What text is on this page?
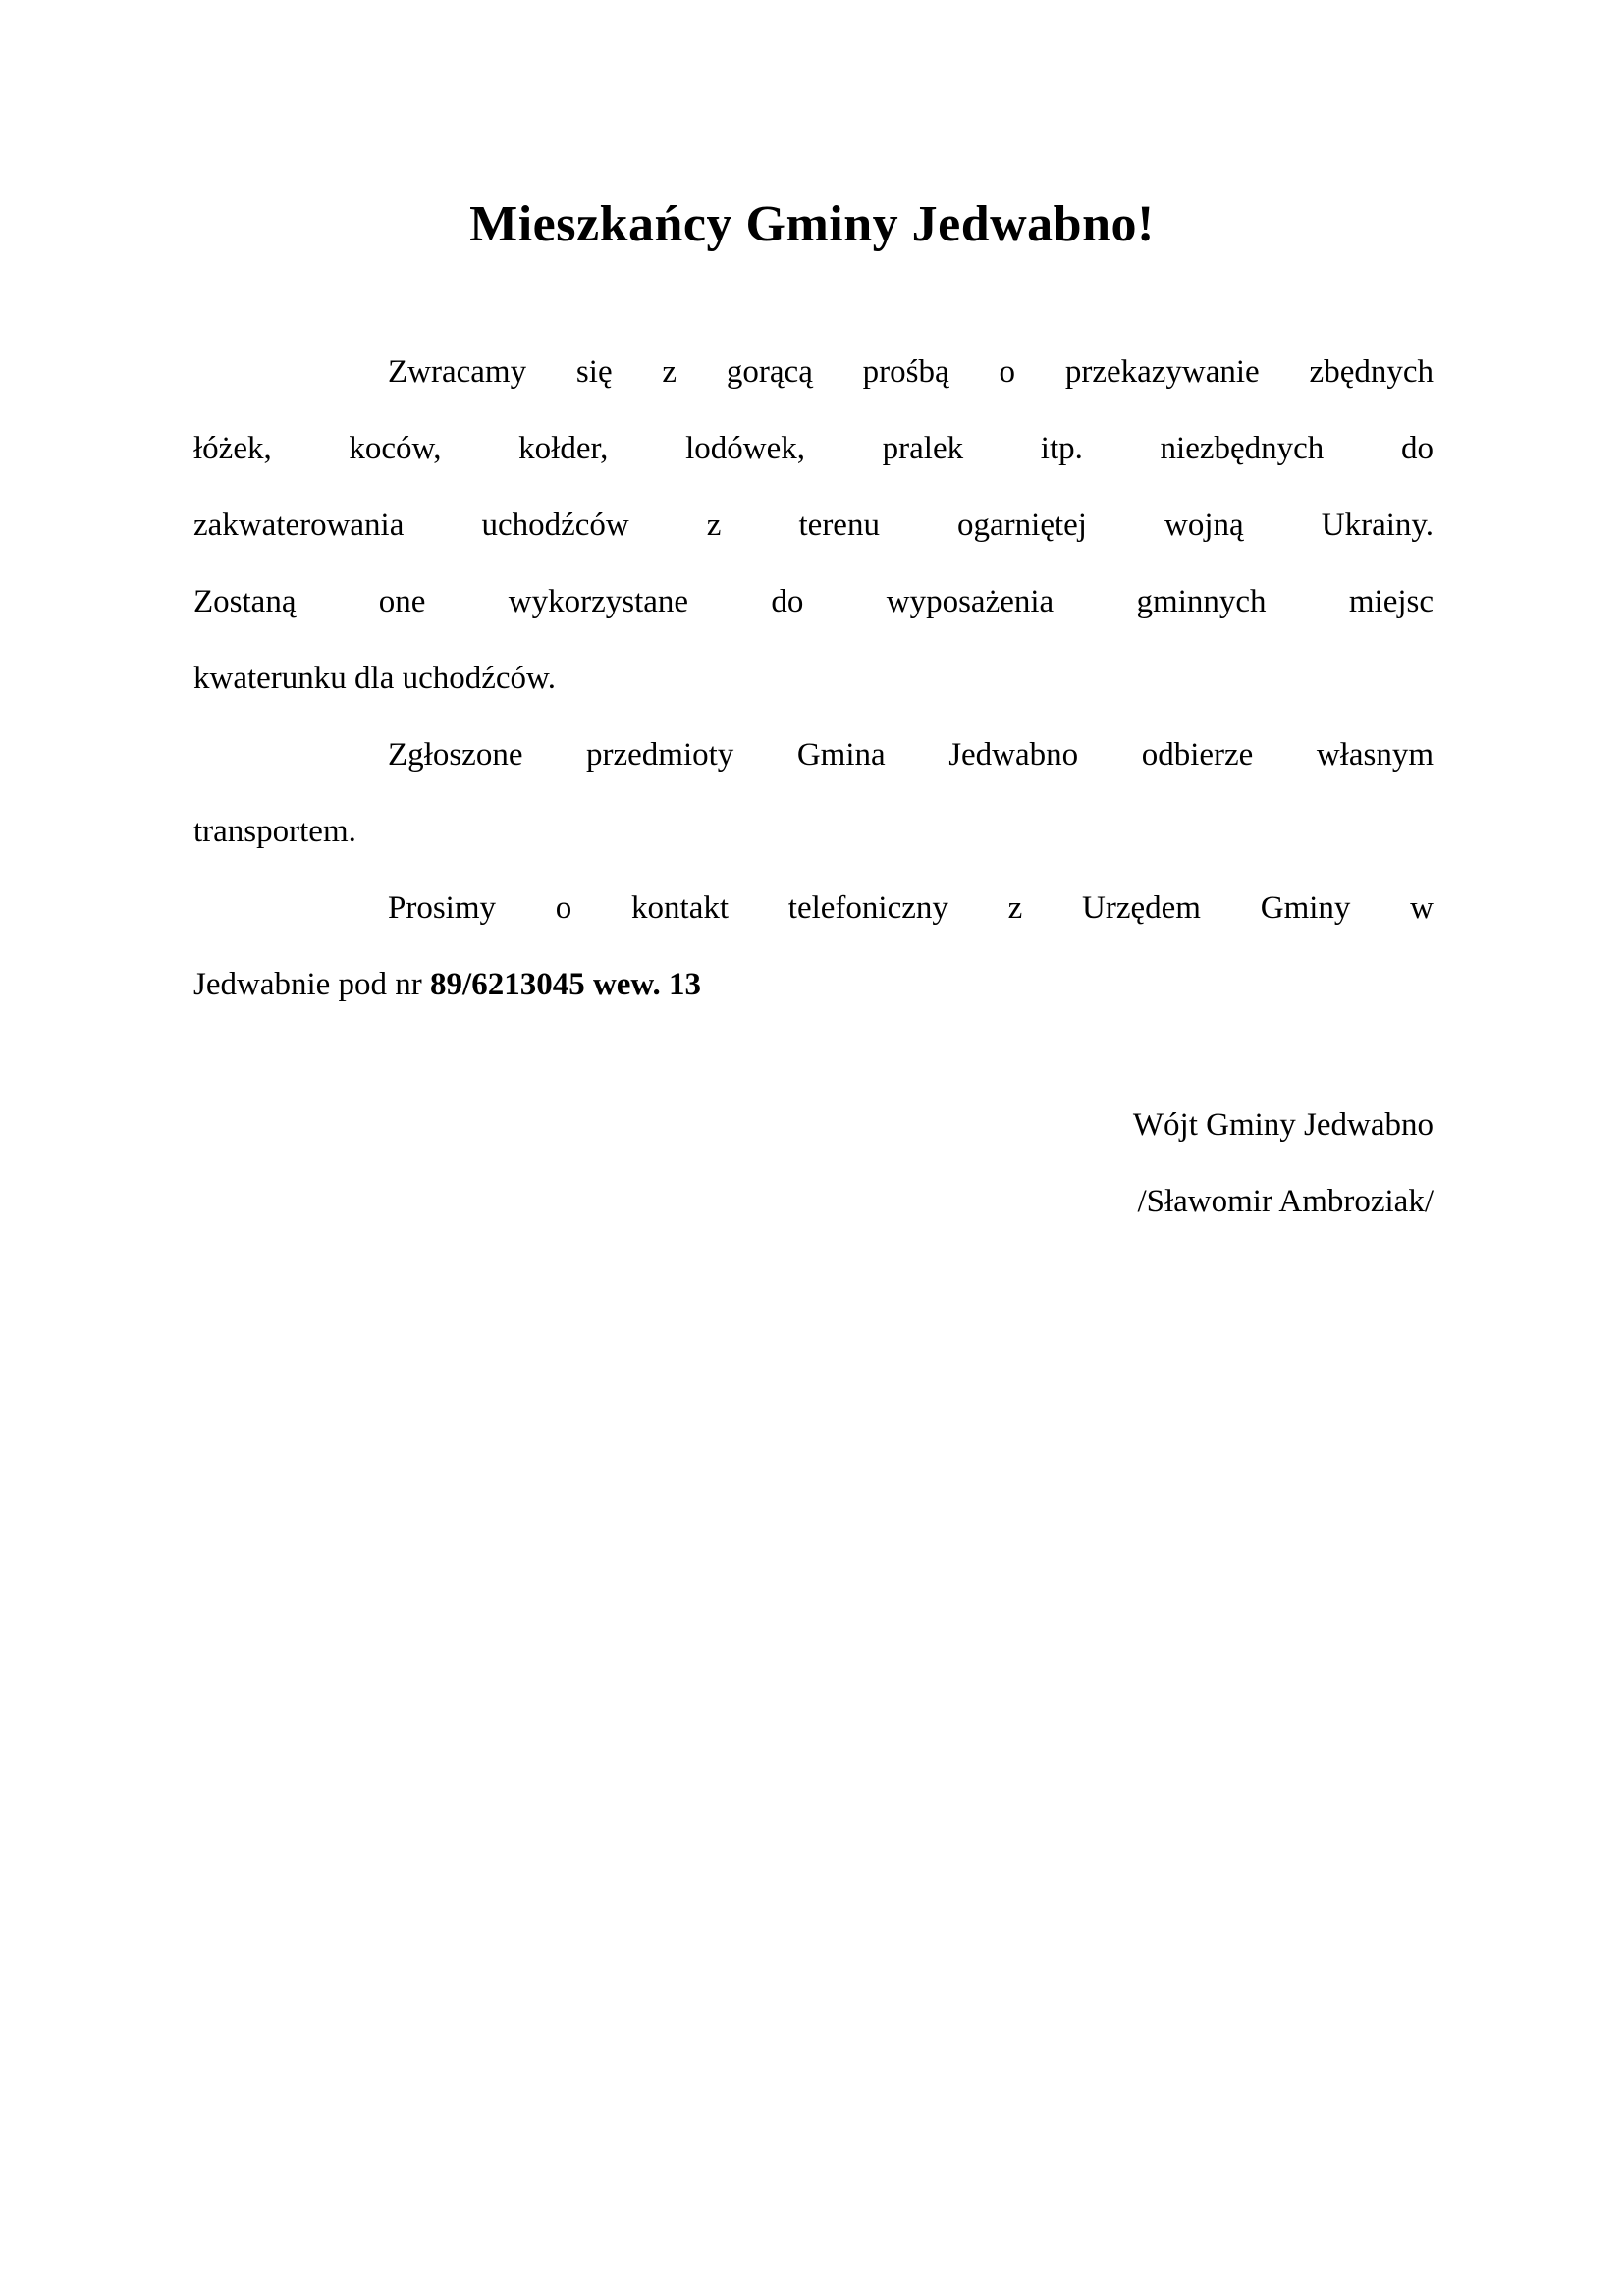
Mieszkańcy Gminy Jedwabno!
Zwracamy się z gorącą prośbą o przekazywanie zbędnych
łóżek, koców, kołder, lodówek, pralek itp. niezbędnych do
zakwaterowania uchodźców z terenu ogarniętej wojną Ukrainy.
Zostaną one wykorzystane do wyposażenia gminnych miejsc
kwaterunku dla uchodźców.
Zgłoszone przedmioty Gmina Jedwabno odbierze własnym
transportem.
Prosimy o kontakt telefoniczny z Urzędem Gminy w
Jedwabnie pod nr 89/6213045 wew. 13
Wójt Gminy Jedwabno
/Sławomir Ambroziak/
